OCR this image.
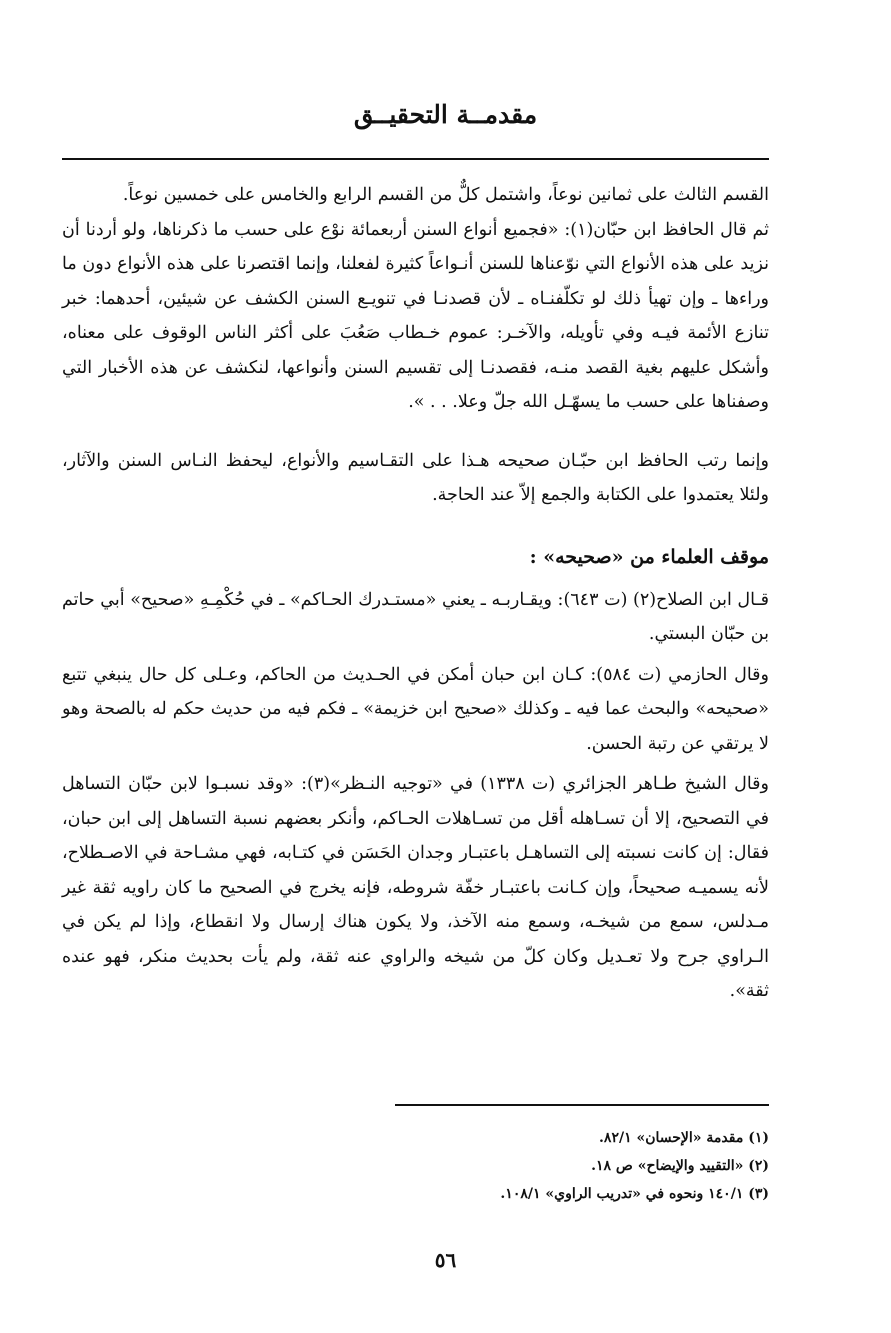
مقدمــة التحقيــق

القسم الثالث على ثمانين نوعاً، واشتمل كلٌّ من القسم الرابع والخامس على خمسين نوعاً.

ثم قال الحافظ ابن حبّان(١): «فجميع أنواع السنن أربعمائة نوْع على حسب ما ذكرناها، ولو أردنا أن نزيد على هذه الأنواع التي نوّعناها للسنن أنـواعاً كثيرة لفعلنا، وإنما اقتصرنا على هذه الأنواع دون ما وراءها ـ وإن تهيأ ذلك لو تكلّفنـاه ـ لأن قصدنـا في تنويـع السنن الكشف عن شيئين، أحدهما: خبر تنازع الأئمة فيـه وفي تأويله، والآخـر: عموم خـطاب صَعُبَ على أكثر الناس الوقوف على معناه، وأشكل عليهم بغية القصد منـه، فقصدنـا إلى تقسيم السنن وأنواعها، لنكشف عن هذه الأخبار التي وصفناها على حسب ما يسهّـل الله جلّ وعلا. . . ».

وإنما رتب الحافظ ابن حبّـان صحيحه هـذا على التقـاسيم والأنواع، ليحفظ النـاس السنن والآثار، ولئلا يعتمدوا على الكتابة والجمع إلاّ عند الحاجة.

موقف العلماء من «صحيحه» :

قـال ابن الصلاح(٢) (ت ٦٤٣): ويقـاربـه ـ يعني «مستـدرك الحـاكم» ـ في حُكْمِـهِ «صحيح» أبي حاتم بن حبّان البستي.

وقال الحازمي (ت ٥٨٤): كـان ابن حبان أمكن في الحـديث من الحاكم، وعـلى كل حال ينبغي تتبع «صحيحه» والبحث عما فيه ـ وكذلك «صحيح ابن خزيمة» ـ فكم فيه من حديث حكم له بالصحة وهو لا يرتقي عن رتبة الحسن.

وقال الشيخ طـاهر الجزائري (ت ١٣٣٨) في «توجيه النـظر»(٣): «وقد نسبـوا لابن حبّان التساهل في التصحيح، إلا أن تسـاهله أقل من تسـاهلات الحـاكم، وأنكر بعضهم نسبة التساهل إلى ابن حبان، فقال: إن كانت نسبته إلى التساهـل باعتبـار وجدان الحَسَن في كتـابه، فهي مشـاحة في الاصـطلاح، لأنه يسميـه صحيحاً، وإن كـانت باعتبـار خفّة شروطه، فإنه يخرج في الصحيح ما كان راويه ثقة غير مـدلس، سمع من شيخـه، وسمع منه الآخذ، ولا يكون هناك إرسال ولا انقطاع، وإذا لم يكن في الـراوي جرح ولا تعـديل وكان كلّ من شيخه والراوي عنه ثقة، ولم يأت بحديث منكر، فهو عنده ثقة».

(١) مقدمة «الإحسان» ٨٢/١.

(٢) «التقييد والإيضاح» ص ١٨.

(٣) ١٤٠/١ ونحوه في «تدريب الراوي» ١٠٨/١.

٥٦
